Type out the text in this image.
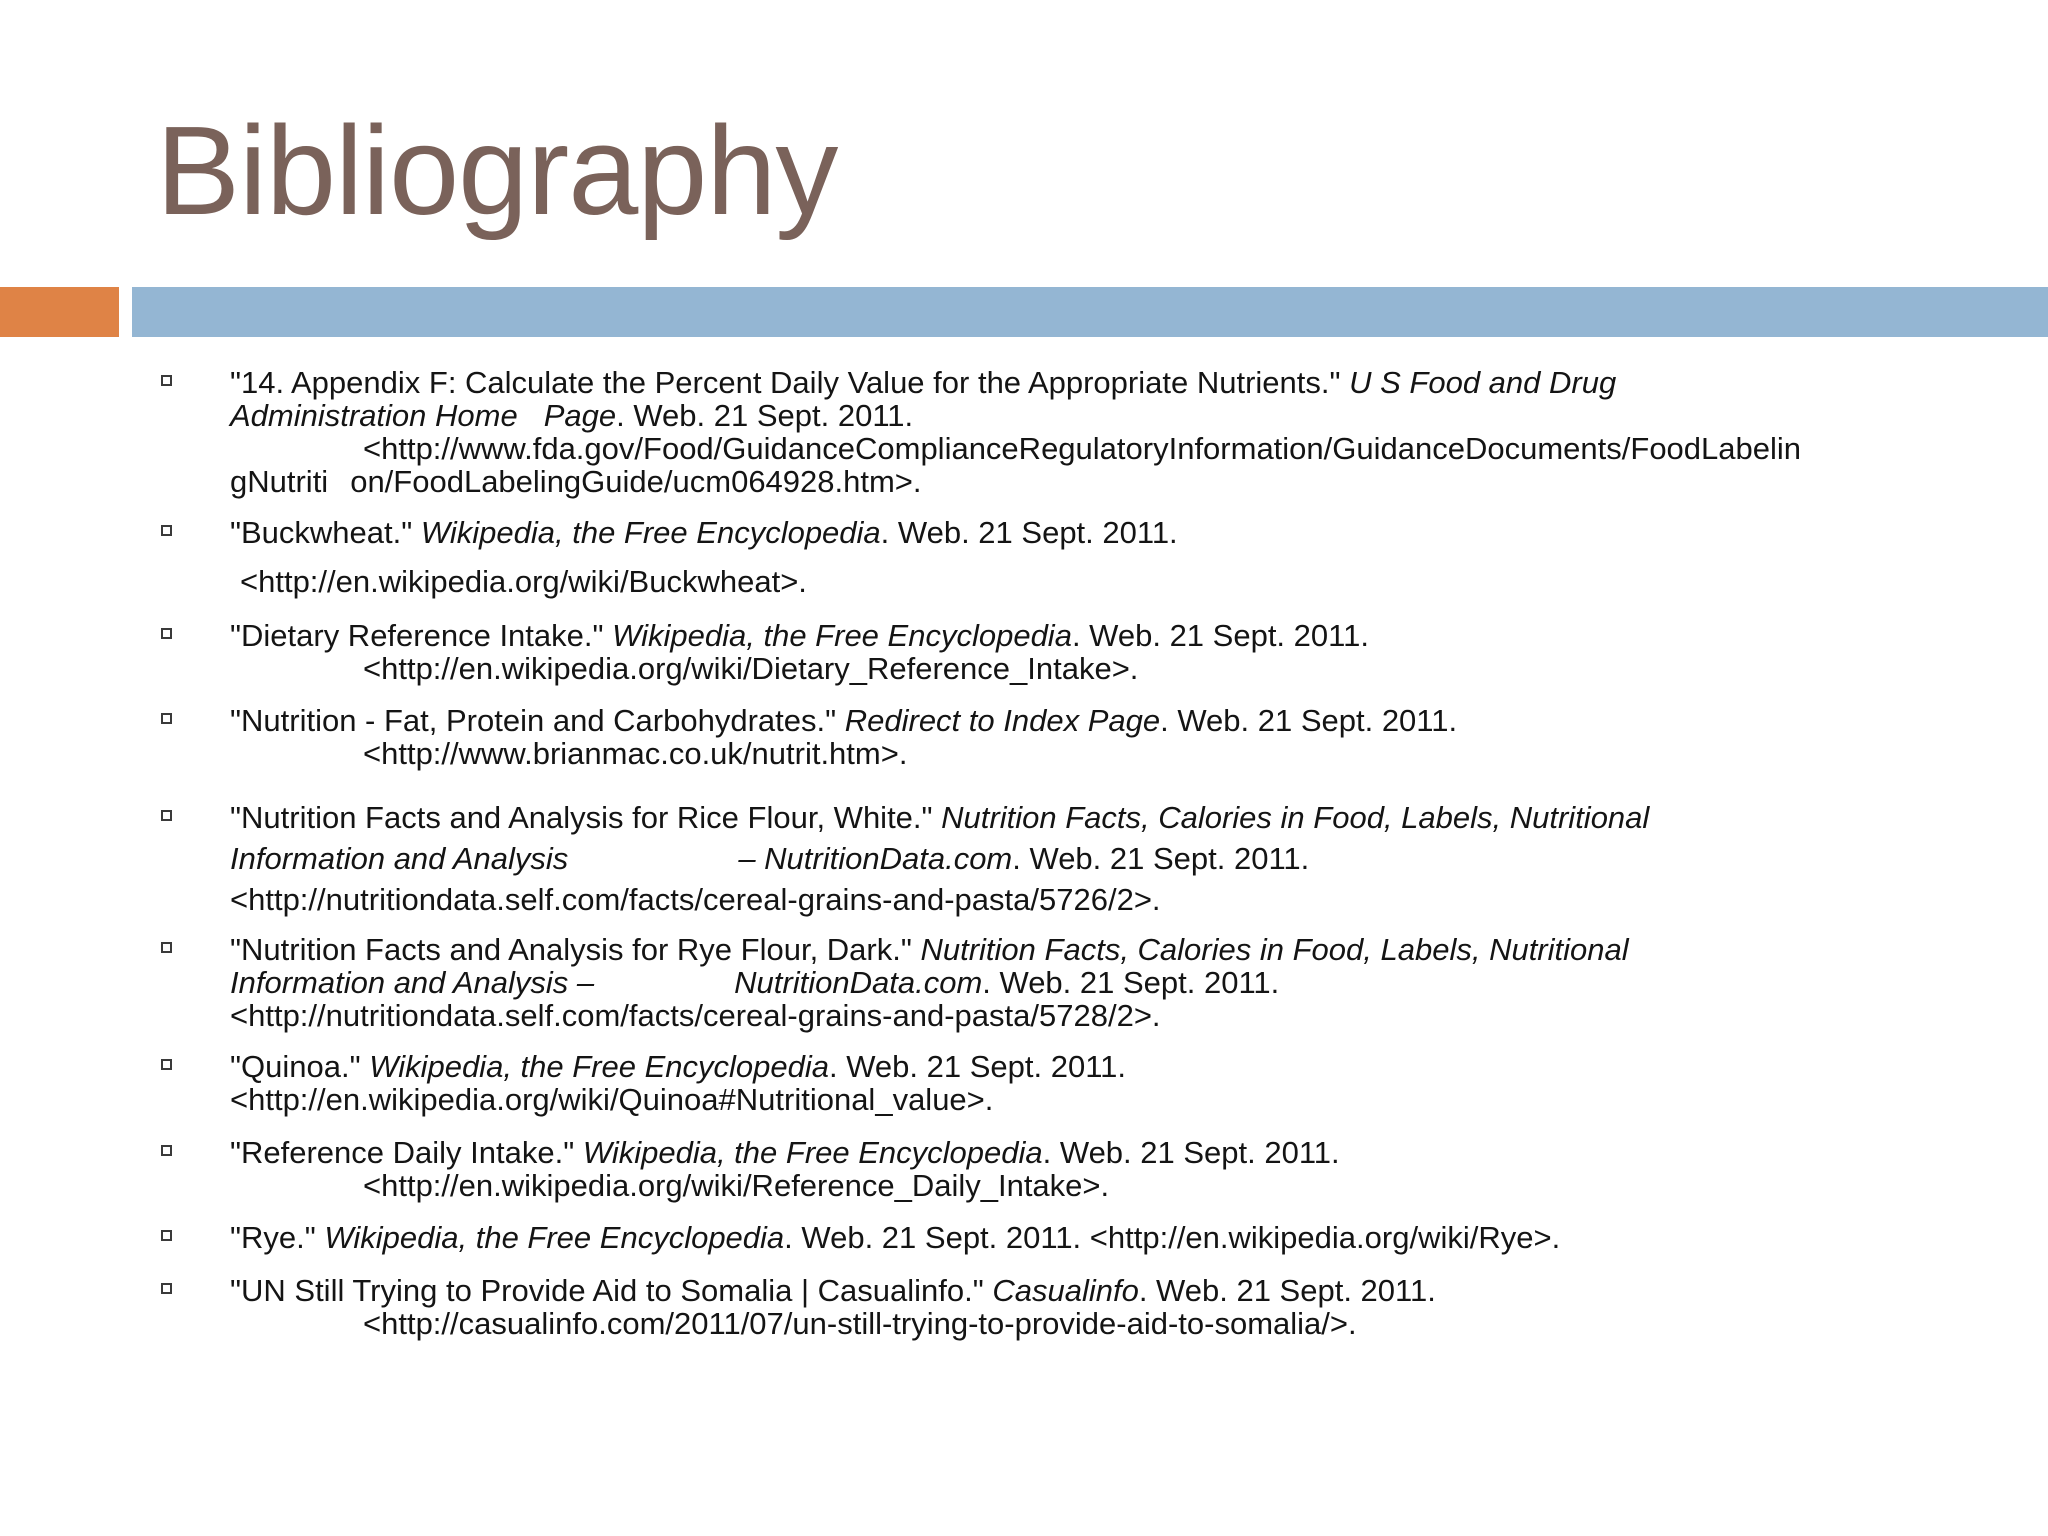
Bibliography
"14. Appendix F: Calculate the Percent Daily Value for the Appropriate Nutrients." U S Food and Drug
Administration Home Page. Web. 21 Sept. 2011.
<http://www.fda.gov/Food/GuidanceComplianceRegulatoryInformation/GuidanceDocuments/FoodLabelin
gNutriti on/FoodLabelingGuide/ucm064928.htm>.
"Buckwheat." Wikipedia, the Free Encyclopedia. Web. 21 Sept. 2011.
<http://en.wikipedia.org/wiki/Buckwheat>.
"Dietary Reference Intake." Wikipedia, the Free Encyclopedia. Web. 21 Sept. 2011.
<http://en.wikipedia.org/wiki/Dietary_Reference_Intake>.
"Nutrition - Fat, Protein and Carbohydrates." Redirect to Index Page. Web. 21 Sept. 2011.
<http://www.brianmac.co.uk/nutrit.htm>.
"Nutrition Facts and Analysis for Rice Flour, White." Nutrition Facts, Calories in Food, Labels, Nutritional
Information and Analysis	– NutritionData.com. Web. 21 Sept. 2011.
<http://nutritiondata.self.com/facts/cereal-grains-and-pasta/5726/2>.
"Nutrition Facts and Analysis for Rye Flour, Dark." Nutrition Facts, Calories in Food, Labels, Nutritional
Information and Analysis –	NutritionData.com. Web. 21 Sept. 2011.
<http://nutritiondata.self.com/facts/cereal-grains-and-pasta/5728/2>.
"Quinoa." Wikipedia, the Free Encyclopedia. Web. 21 Sept. 2011.
<http://en.wikipedia.org/wiki/Quinoa#Nutritional_value>.
"Reference Daily Intake." Wikipedia, the Free Encyclopedia. Web. 21 Sept. 2011.
<http://en.wikipedia.org/wiki/Reference_Daily_Intake>.
"Rye." Wikipedia, the Free Encyclopedia. Web. 21 Sept. 2011. <http://en.wikipedia.org/wiki/Rye>.
"UN Still Trying to Provide Aid to Somalia | Casualinfo." Casualinfo. Web. 21 Sept. 2011.
<http://casualinfo.com/2011/07/un-still-trying-to-provide-aid-to-somalia/>.
